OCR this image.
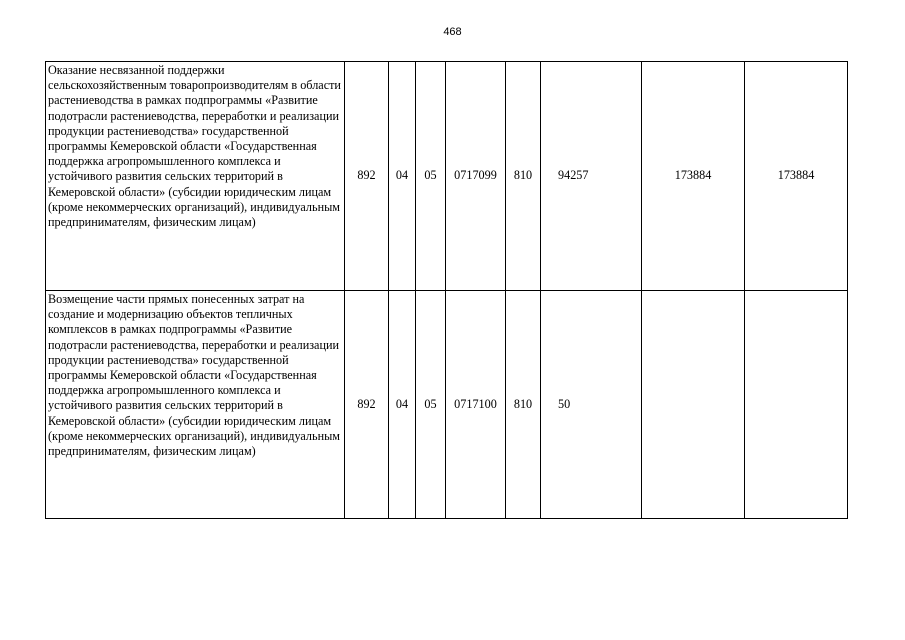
468
Оказание несвязанной поддержки сельскохозяйственным товаропроизводителям в области растениеводства в рамках подпрограммы «Развитие подотрасли растениеводства, переработки и реализации продукции растениеводства» государственной программы Кемеровской области «Государственная поддержка агропромышленного комплекса и устойчивого развития сельских территорий в Кемеровской области» (субсидии юридическим лицам (кроме некоммерческих организаций), индивидуальным предпринимателям, физическим лицам)	892	04	05	0717099	810	94257	173884	173884
Возмещение части прямых понесенных затрат на создание и модернизацию объектов тепличных комплексов в рамках подпрограммы «Развитие подотрасли растениеводства, переработки и реализации продукции растениеводства» государственной программы Кемеровской области «Государственная поддержка агропромышленного комплекса и устойчивого развития сельских территорий в Кемеровской области» (субсидии юридическим лицам (кроме некоммерческих организаций), индивидуальным предпринимателям, физическим лицам)	892	04	05	0717100	810	50		
